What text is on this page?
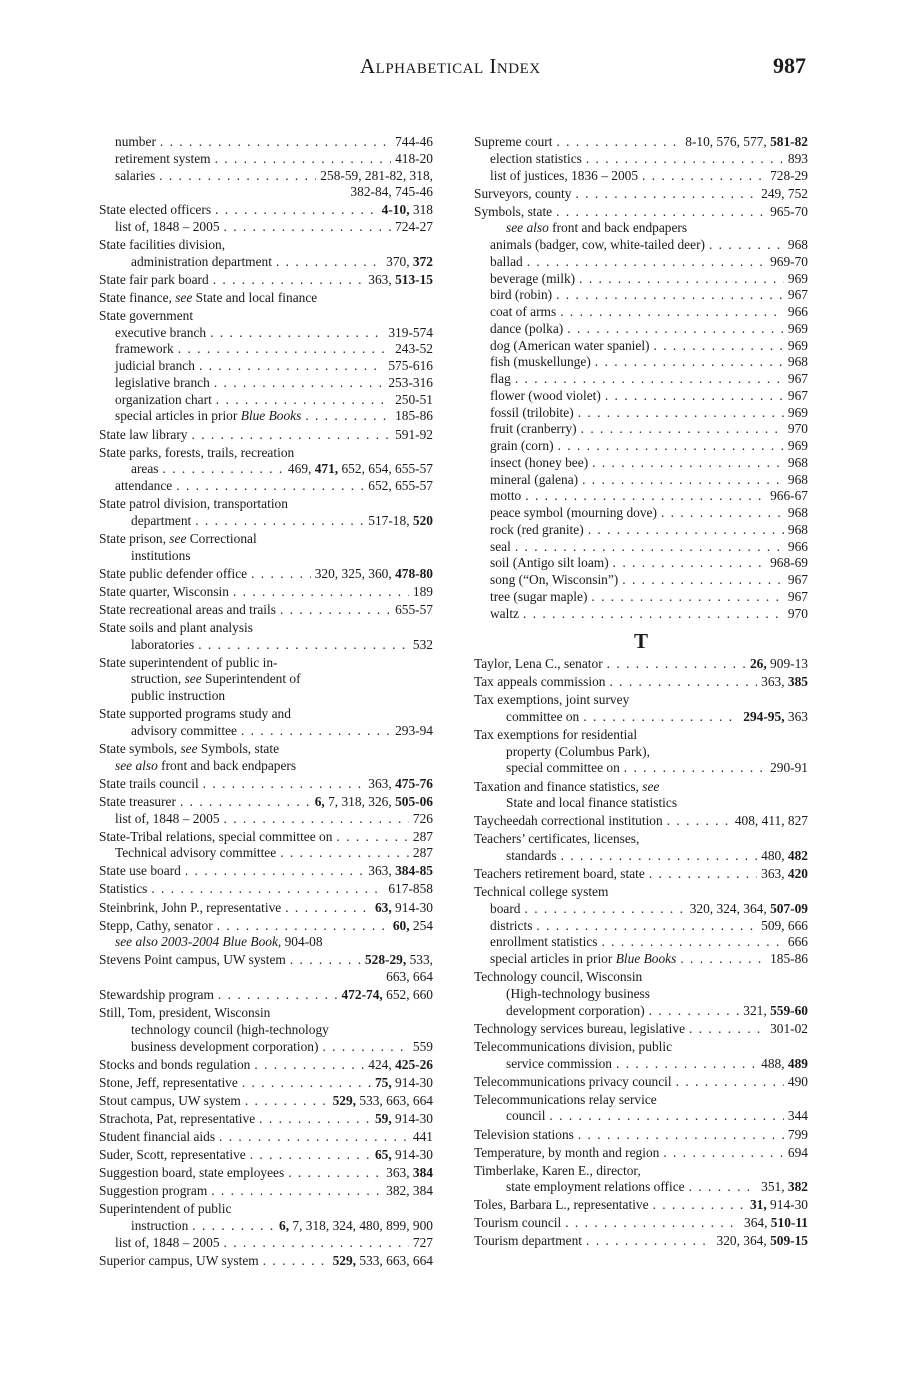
Alphabetical Index	987
number . . .	744-46
retirement system . . .	418-20
salaries . . .	258-59, 281-82, 318,
382-84, 745-46
State elected officers . . .	4-10, 318
list of, 1848 – 2005 . . .	724-27
State facilities division,
administration department . . .	370, 372
State fair park board . . .	363, 513-15
State finance, see State and local finance
State government
executive branch . . .	319-574
framework . . .	243-52
judicial branch . . .	575-616
legislative branch . . .	253-316
organization chart . . .	250-51
special articles in prior Blue Books . . .	185-86
State law library . . .	591-92
State parks, forests, trails, recreation
areas . . .	469, 471, 652, 654, 655-57
attendance . . .	652, 655-57
State patrol division, transportation
department . . .	517-18, 520
State prison, see Correctional
institutions
State public defender office . . .	320, 325, 360, 478-80
State quarter, Wisconsin . . .	189
State recreational areas and trails . . .	655-57
State soils and plant analysis
laboratories . . .	532
State superintendent of public in-
struction, see Superintendent of
public instruction
State supported programs study and
advisory committee . . .	293-94
State symbols, see Symbols, state
see also front and back endpapers
State trails council . . .	363, 475-76
State treasurer . . .	6, 7, 318, 326, 505-06
list of, 1848 – 2005 . . .	726
State-Tribal relations, special committee on . . .	287
Technical advisory committee . . .	287
State use board . . .	363, 384-85
Statistics . . .	617-858
Steinbrink, John P., representative . . .	63, 914-30
Stepp, Cathy, senator . . .	60, 254
see also 2003-2004 Blue Book, 904-08
Stevens Point campus, UW system . . .	528-29, 533,
663, 664
Stewardship program . . .	472-74, 652, 660
Still, Tom, president, Wisconsin
technology council (high-technology
business development corporation) . . .	559
Stocks and bonds regulation . . .	424, 425-26
Stone, Jeff, representative . . .	75, 914-30
Stout campus, UW system . . .	529, 533, 663, 664
Strachota, Pat, representative . . .	59, 914-30
Student financial aids . . .	441
Suder, Scott, representative . . .	65, 914-30
Suggestion board, state employees . . .	363, 384
Suggestion program . . .	382, 384
Superintendent of public
instruction . . .	6, 7, 318, 324, 480, 899, 900
list of, 1848 – 2005 . . .	727
Superior campus, UW system . . .	529, 533, 663, 664
Supreme court . . .	8-10, 576, 577, 581-82
election statistics . . .	893
list of justices, 1836 – 2005 . . .	728-29
Surveyors, county . . .	249, 752
Symbols, state . . .	965-70
see also front and back endpapers
animals (badger, cow, white-tailed deer) . . .	968
ballad . . .	969-70
beverage (milk) . . .	969
bird (robin) . . .	967
coat of arms . . .	966
dance (polka) . . .	969
dog (American water spaniel) . . .	969
fish (muskellunge) . . .	968
flag . . .	967
flower (wood violet) . . .	967
fossil (trilobite) . . .	969
fruit (cranberry) . . .	970
grain (corn) . . .	969
insect (honey bee) . . .	968
mineral (galena) . . .	968
motto . . .	966-67
peace symbol (mourning dove) . . .	968
rock (red granite) . . .	968
seal . . .	966
soil (Antigo silt loam) . . .	968-69
song (“On, Wisconsin”) . . .	967
tree (sugar maple) . . .	967
waltz . . .	970
T
Taylor, Lena C., senator . . .	26, 909-13
Tax appeals commission . . .	363, 385
Tax exemptions, joint survey
committee on . . .	294-95, 363
Tax exemptions for residential
property (Columbus Park),
special committee on . . .	290-91
Taxation and finance statistics, see
State and local finance statistics
Taycheedah correctional institution . . .	408, 411, 827
Teachers’ certificates, licenses,
standards . . .	480, 482
Teachers retirement board, state . . .	363, 420
Technical college system
board . . .	320, 324, 364, 507-09
districts . . .	509, 666
enrollment statistics . . .	666
special articles in prior Blue Books . . .	185-86
Technology council, Wisconsin
(High-technology business
development corporation) . . .	321, 559-60
Technology services bureau, legislative . . .	301-02
Telecommunications division, public
service commission . . .	488, 489
Telecommunications privacy council . . .	490
Telecommunications relay service
council . . .	344
Television stations . . .	799
Temperature, by month and region . . .	694
Timberlake, Karen E., director,
state employment relations office . . .	351, 382
Toles, Barbara L., representative . . .	31, 914-30
Tourism council . . .	364, 510-11
Tourism department . . .	320, 364, 509-15
